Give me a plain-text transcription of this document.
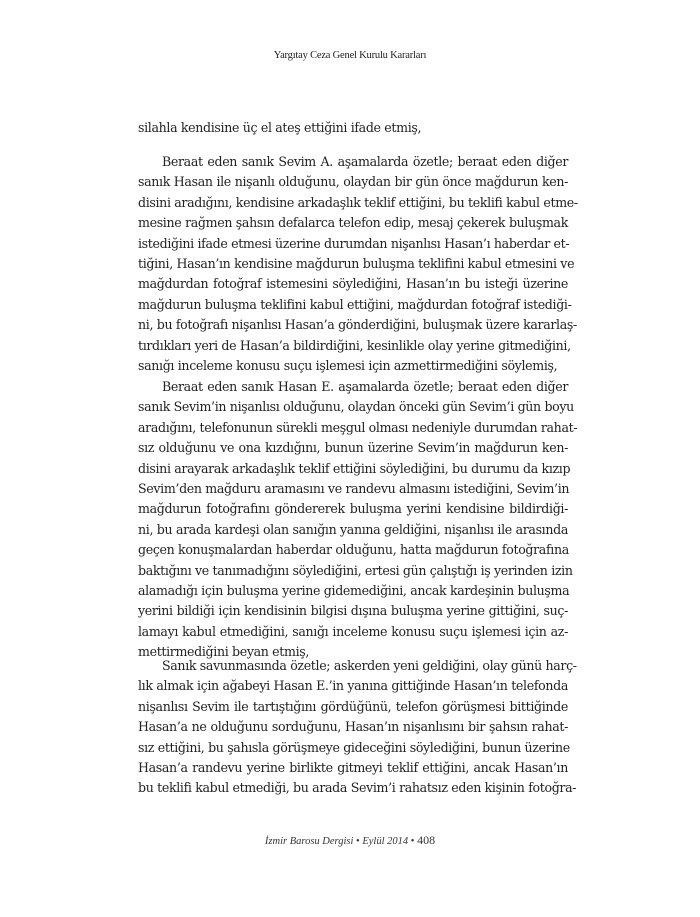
Yargıtay Ceza Genel Kurulu Kararları
silahla kendisine üç el ateş ettiğini ifade etmiş,
Beraat eden sanık Sevim A. aşamalarda özetle; beraat eden diğer
sanık Hasan ile nişanlı olduğunu, olaydan bir gün önce mağdurun ken-
disini aradığını, kendisine arkadaşlık teklif ettiğini, bu teklifi kabul etme-
mesine rağmen şahsın defalarca telefon edip, mesaj çekerek buluşmak
istediğini ifade etmesi üzerine durumdan nişanlısı Hasan’ı haberdar et-
tiğini, Hasan’ın kendisine mağdurun buluşma teklifini kabul etmesini ve
mağdurdan fotoğraf istemesini söylediğini, Hasan’ın bu isteği üzerine
mağdurun buluşma teklifini kabul ettiğini, mağdurdan fotoğraf istediği-
ni, bu fotoğrafı nişanlısı Hasan’a gönderdiğini, buluşmak üzere kararlaş-
tırdıkları yeri de Hasan’a bildirdiğini, kesinlikle olay yerine gitmediğini,
sanığı inceleme konusu suçu işlemesi için azmettirmediğini söylemiş,
Beraat eden sanık Hasan E. aşamalarda özetle; beraat eden diğer
sanık Sevim’in nişanlısı olduğunu, olaydan önceki gün Sevim’i gün boyu
aradığını, telefonunun sürekli meşgul olması nedeniyle durumdan rahat-
sız olduğunu ve ona kızdığını, bunun üzerine Sevim’in mağdurun ken-
disini arayarak arkadaşlık teklif ettiğini söylediğini, bu durumu da kızıp
Sevim’den mağduru aramasını ve randevu almasını istediğini, Sevim’in
mağdurun fotoğrafını göndererek buluşma yerini kendisine bildirdiği-
ni, bu arada kardeşi olan sanığın yanına geldiğini, nişanlısı ile arasında
geçen konuşmalardan haberdar olduğunu, hatta mağdurun fotoğrafına
baktığını ve tanımadığını söylediğini, ertesi gün çalıştığı iş yerinden izin
alamadığı için buluşma yerine gidemediğini, ancak kardeşinin buluşma
yerini bildiği için kendisinin bilgisi dışına buluşma yerine gittiğini, suç-
lamayı kabul etmediğini, sanığı inceleme konusu suçu işlemesi için az-
mettirmediğini beyan etmiş,
Sanık savunmasında özetle; askerden yeni geldiğini, olay günü harç-
lık almak için ağabeyi Hasan E.’in yanına gittiğinde Hasan’ın telefonda
nişanlısı Sevim ile tartıştığını gördüğünü, telefon görüşmesi bittiğinde
Hasan’a ne olduğunu sorduğunu, Hasan’ın nişanlısını bir şahsın rahat-
sız ettiğini, bu şahısla görüşmeye gideceğini söylediğini, bunun üzerine
Hasan’a randevu yerine birlikte gitmeyi teklif ettiğini, ancak Hasan’ın
bu teklifi kabul etmediği, bu arada Sevim’i rahatsız eden kişinin fotoğra-
İzmir Barosu Dergisi • Eylül 2014 • 408
